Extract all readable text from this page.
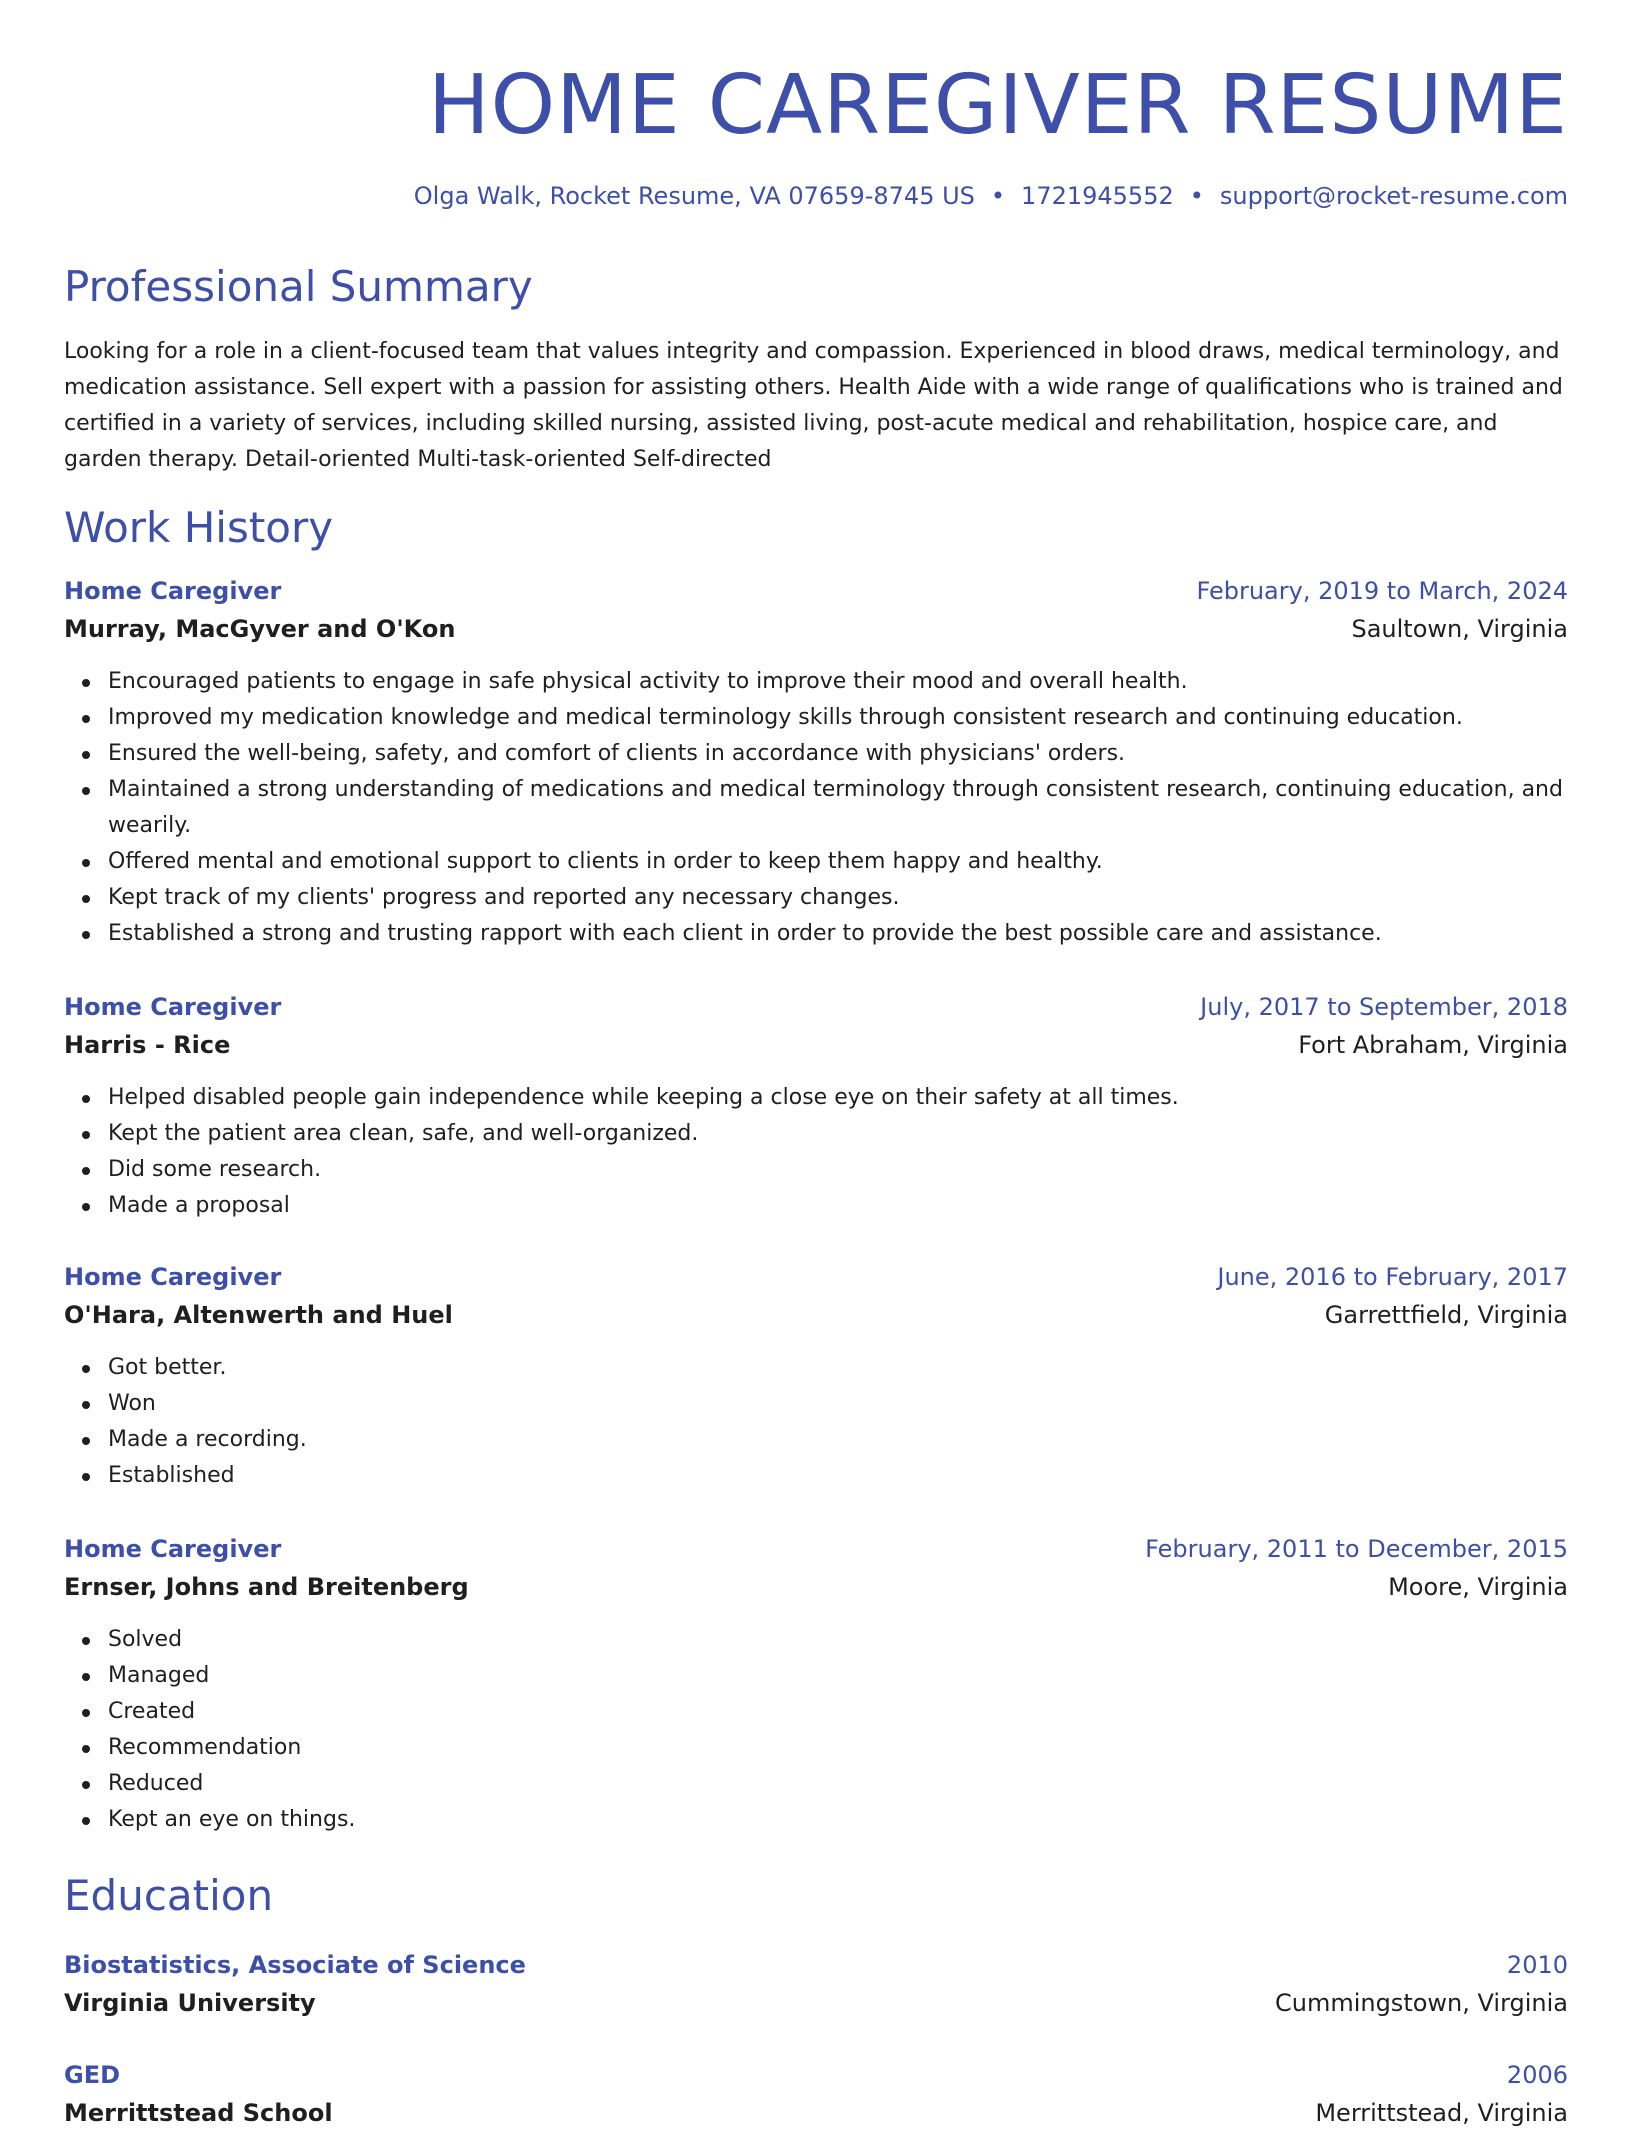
HOME CAREGIVER RESUME
Olga Walk, Rocket Resume, VA 07659-8745 US • 1721945552 • support@rocket-resume.com
Professional Summary

Looking for a role in a client-focused team that values integrity and compassion. Experienced in blood draws, medical terminology, and medication assistance. Sell expert with a passion for assisting others. Health Aide with a wide range of qualifications who is trained and certified in a variety of services, including skilled nursing, assisted living, post-acute medical and rehabilitation, hospice care, and garden therapy. Detail-oriented Multi-task-oriented Self-directed

Work History
Home Caregiver	February, 2019 to March, 2024
Murray, MacGyver and O'Kon	Saultown, Virginia
Encouraged patients to engage in safe physical activity to improve their mood and overall health.
Improved my medication knowledge and medical terminology skills through consistent research and continuing education.
Ensured the well-being, safety, and comfort of clients in accordance with physicians' orders.
Maintained a strong understanding of medications and medical terminology through consistent research, continuing education, and wearily.
Offered mental and emotional support to clients in order to keep them happy and healthy.
Kept track of my clients' progress and reported any necessary changes.
Established a strong and trusting rapport with each client in order to provide the best possible care and assistance.
Home Caregiver	July, 2017 to September, 2018
Harris - Rice	Fort Abraham, Virginia
Helped disabled people gain independence while keeping a close eye on their safety at all times.
Kept the patient area clean, safe, and well-organized.
Did some research.
Made a proposal
Home Caregiver	June, 2016 to February, 2017
O'Hara, Altenwerth and Huel	Garrettfield, Virginia
Got better.
Won
Made a recording.
Established
Home Caregiver	February, 2011 to December, 2015
Ernser, Johns and Breitenberg	Moore, Virginia
Solved
Managed
Created
Recommendation
Reduced
Kept an eye on things.
Education
Biostatistics, Associate of Science	2010
Virginia University	Cummingstown, Virginia
GED	2006
Merrittstead School	Merrittstead, Virginia
